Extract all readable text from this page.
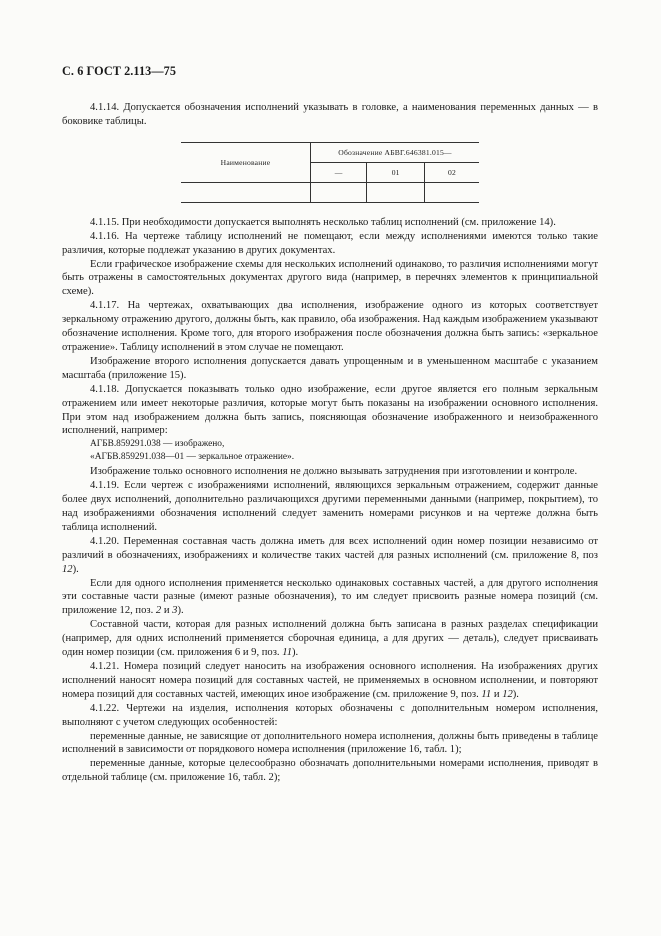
С. 6 ГОСТ 2.113—75

4.1.14. Допускается обозначения исполнений указывать в головке, а наименования переменных данных — в боковике таблицы.

Наименование	Обозначение АБВГ.646381.015—		
	—	01	02

4.1.15. При необходимости допускается выполнять несколько таблиц исполнений (см. приложение 14).

4.1.16. На чертеже таблицу исполнений не помещают, если между исполнениями имеются только такие различия, которые подлежат указанию в других документах.

Если графическое изображение схемы для нескольких исполнений одинаково, то различия исполнениями могут быть отражены в самостоятельных документах другого вида (например, в перечнях элементов к принципиальной схеме).

4.1.17. На чертежах, охватывающих два исполнения, изображение одного из которых соответствует зеркальному отражению другого, должны быть, как правило, оба изображения. Над каждым изображением указывают обозначение исполнения. Кроме того, для второго изображения после обозначения должна быть запись: «зеркальное отражение». Таблицу исполнений в этом случае не помещают.

Изображение второго исполнения допускается давать упрощенным и в уменьшенном масштабе с указанием масштаба (приложение 15).

4.1.18. Допускается показывать только одно изображение, если другое является его полным зеркальным отражением или имеет некоторые различия, которые могут быть показаны на изображении основного исполнения. При этом над изображением должна быть запись, поясняющая обозначение изображенного и неизображенного исполнений, например:

АГБВ.859291.038 — изображено,

«АГБВ.859291.038—01 — зеркальное отражение».

Изображение только основного исполнения не должно вызывать затруднения при изготовлении и контроле.

4.1.19. Если чертеж с изображениями исполнений, являющихся зеркальным отражением, содержит данные более двух исполнений, дополнительно различающихся другими переменными данными (например, покрытием), то над изображениями обозначения исполнений следует заменить номерами рисунков и на чертеже должна быть таблица исполнений.

4.1.20. Переменная составная часть должна иметь для всех исполнений один номер позиции независимо от различий в обозначениях, изображениях и количестве таких частей для разных исполнений (см. приложение 8, поз 12).

Если для одного исполнения применяется несколько одинаковых составных частей, а для другого исполнения эти составные части разные (имеют разные обозначения), то им следует присвоить разные номера позиций (см. приложение 12, поз. 2 и 3).

Составной части, которая для разных исполнений должна быть записана в разных разделах спецификации (например, для одних исполнений применяется сборочная единица, а для других — деталь), следует присваивать один номер позиции (см. приложения 6 и 9, поз. 11).

4.1.21. Номера позиций следует наносить на изображения основного исполнения. На изображениях других исполнений наносят номера позиций для составных частей, не применяемых в основном исполнении, и повторяют номера позиций для составных частей, имеющих иное изображение (см. приложение 9, поз. 11 и 12).

4.1.22. Чертежи на изделия, исполнения которых обозначены с дополнительным номером исполнения, выполняют с учетом следующих особенностей:

переменные данные, не зависящие от дополнительного номера исполнения, должны быть приведены в таблице исполнений в зависимости от порядкового номера исполнения (приложение 16, табл. 1);

переменные данные, которые целесообразно обозначать дополнительными номерами исполнения, приводят в отдельной таблице (см. приложение 16, табл. 2);
